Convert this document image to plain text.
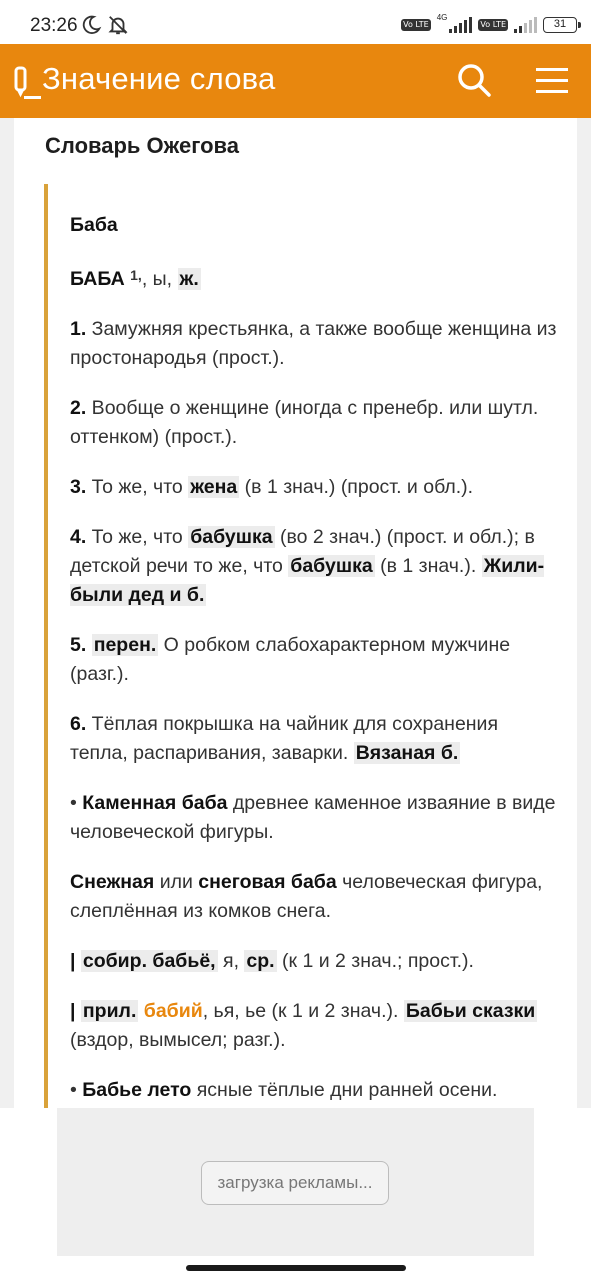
23:26	Vo LTE
4G
Vo LTE	31
Значение слова
Словарь Ожегова

Баба

БАБА $^{1,}$, ы, ж.

1. Замужняя крестьянка, а также вообще женщина из простонародья (прост.).

2. Вообще о женщине (иногда с пренебр. или шутл. оттенком) (прост.).

3. То же, что жена (в 1 знач.) (прост. и обл.).

4. То же, что бабушка (во 2 знач.) (прост. и обл.); в детской речи то же, что бабушка (в 1 знач.). Жили-были дед и б.

5. перен. О робком слабохарактерном мужчине (разг.).

6. Тёплая покрышка на чайник для сохранения тепла, распаривания, заварки. Вязаная б.

• Каменная баба древнее каменное изваяние в виде человеческой фигуры.

Снежная или снеговая баба человеческая фигура, слеплённая из комков снега.

| собир. бабьё, я, ср. (к 1 и 2 знач.; прост.).

| прил. бабий, ья, ье (к 1 и 2 знач.). Бабьи сказки (вздор, вымысел; разг.).

• Бабье лето ясные тёплые дни ранней осени.

загрузка рекламы...
